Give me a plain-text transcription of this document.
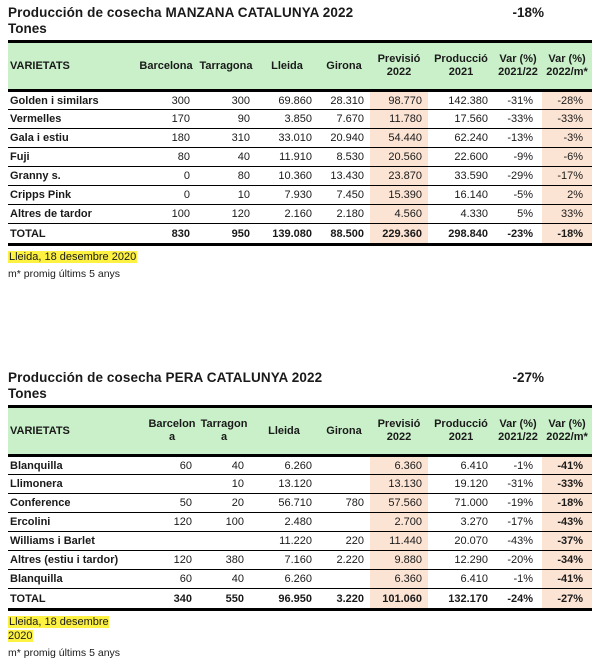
Producción de cosecha MANZANA CATALUNYA 2022	-18%
Tones
VARIETATS	Barcelona	Tarragona	Lleida	Girona	Previsió 2022	Producció 2021	Var (%) 2021/22	Var (%) 2022/m*
Golden i similars	300	300	69.860	28.310	98.770	142.380	-31%	-28%
Vermelles	170	90	3.850	7.670	11.780	17.560	-33%	-33%
Gala i estiu	180	310	33.010	20.940	54.440	62.240	-13%	-3%
Fuji	80	40	11.910	8.530	20.560	22.600	-9%	-6%
Granny s.	0	80	10.360	13.430	23.870	33.590	-29%	-17%
Cripps Pink	0	10	7.930	7.450	15.390	16.140	-5%	2%
Altres de tardor	100	120	2.160	2.180	4.560	4.330	5%	33%
TOTAL	830	950	139.080	88.500	229.360	298.840	-23%	-18%
Lleida, 18 desembre 2020
m* promig últims 5 anys
Producción de cosecha PERA CATALUNYA 2022	-27%
Tones
VARIETATS	Barcelona	Tarragona	Lleida	Girona	Previsió 2022	Producció 2021	Var (%) 2021/22	Var (%) 2022/m*
Blanquilla	60	40	6.260		6.360	6.410	-1%	-41%
Llimonera		10	13.120		13.130	19.120	-31%	-33%
Conference	50	20	56.710	780	57.560	71.000	-19%	-18%
Ercolini	120	100	2.480		2.700	3.270	-17%	-43%
Williams i Barlet			11.220	220	11.440	20.070	-43%	-37%
Altres (estiu i tardor)	120	380	7.160	2.220	9.880	12.290	-20%	-34%
Blanquilla	60	40	6.260		6.360	6.410	-1%	-41%
TOTAL	340	550	96.950	3.220	101.060	132.170	-24%	-27%
Lleida, 18 desembre 2020
m* promig últims 5 anys
